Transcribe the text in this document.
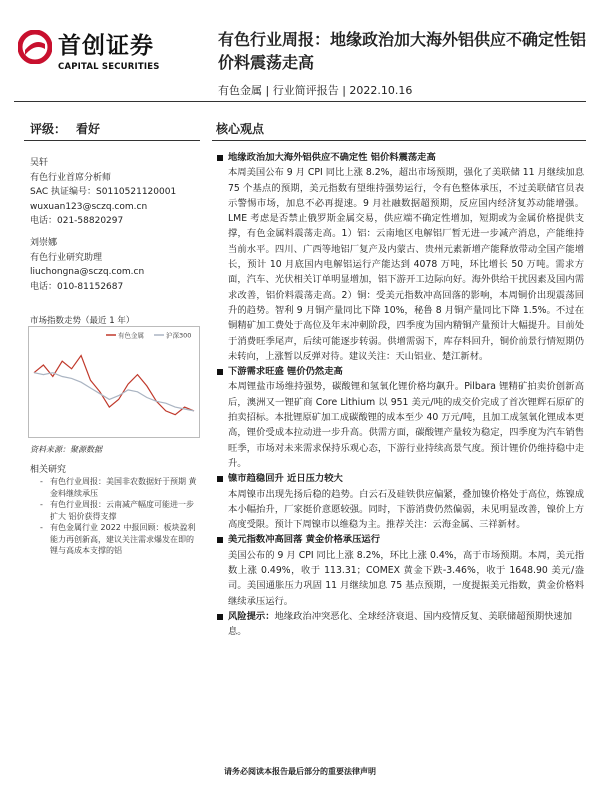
首创证券
CAPITAL SECURITIES
有色行业周报：地缘政治加大海外铝供应不确定性铝价料震荡走高
有色金属 | 行业简评报告 | 2022.10.16
评级： 看好
吴轩
有色行业首席分析师
SAC 执证编号：S0110521120001
wuxuan123@sczq.com.cn
电话：021-58820297
刘崇娜
有色行业研究助理
liuchongna@sczq.com.cn
电话：010-81152687
市场指数走势（最近 1 年）
有色金属	沪深300
资料来源：聚源数据
相关研究
- 有色行业周报：美国非农数据好于预期 黄金料继续承压
- 有色行业周报：云南减产幅度可能进一步扩大 铝价获得支撑
- 有色金属行业 2022 中报回顾：板块盈利能力再创新高，建议关注需求爆发在即的锂与高成本支撑的铝
核心观点
地缘政治加大海外铝供应不确定性 铝价料震荡走高
本周美国公布 9 月 CPI 同比上涨 8.2%，超出市场预期，强化了美联储 11 月继续加息 75 个基点的预期，美元指数有望维持强势运行，令有色整体承压，不过美联储官员表示警惕市场，加息不必再提速。9 月社融数据超预期，反应国内经济复苏动能增强。LME 考虑是否禁止俄罗斯金属交易，供应端不确定性增加，短期或为金属价格提供支撑，有色金属料震荡走高。1）铝：云南地区电解铝厂暂无进一步减产消息，产能维持当前水平。四川、广西等地铝厂复产及内蒙古、贵州元素新增产能释放带动全国产能增长，预计 10 月底国内电解铝运行产能达到 4078 万吨，环比增长 50 万吨。需求方面，汽车、光伏相关订单明显增加，铝下游开工边际向好。海外供给干扰因素及国内需求改善，铝价料震荡走高。2）铜：受美元指数冲高回落的影响，本周铜价出现震荡回升的趋势。智利 9 月铜产量同比下降 10%，秘鲁 8 月铜产量同比下降 1.5%。不过在铜精矿加工费处于高位及年末冲刺阶段，四季度为国内精铜产量预计大幅提升。目前处于消费旺季尾声，后续可能逐步转弱。供增需弱下，库存料回升，铜价前景行情短期仍未转向，上涨暂以反弹对待。建议关注：天山铝业、楚江新材。
下游需求旺盛 锂价仍然走高
本周锂盐市场维持强势，碳酸锂和氢氧化锂价格均飙升。Pilbara 锂精矿拍卖价创新高后，澳洲又一锂矿商 Core Lithium 以 951 美元/吨的成交价完成了首次锂辉石原矿的拍卖招标。本批锂原矿加工成碳酸锂的成本至少 40 万元/吨，且加工成氢氧化锂成本更高，锂价受成本拉动进一步升高。供需方面，碳酸锂产量较为稳定，四季度为汽车销售旺季，市场对未来需求保持乐观心态，下游行业持续高景气度。预计锂价仍维持稳中走升。
镍市趋稳回升 近日压力较大
本周镍市出现先扬后稳的趋势。白云石及硅铁供应偏紧，叠加镍价格处于高位，炼镍成本小幅抬升，厂家挺价意愿较强。同时，下游消费仍然偏弱，未见明显改善，镍价上方高度受限。预计下周镍市以维稳为主。推荐关注：云海金属、三祥新材。
美元指数冲高回落 黄金价格承压运行
美国公布的 9 月 CPI 同比上涨 8.2%，环比上涨 0.4%，高于市场预期。本周，美元指数上涨 0.49%，收于 113.31；COMEX 黄金下跌-3.46%，收于 1648.90 美元/盎司。美国通胀压力巩固 11 月继续加息 75 基点预期，一度提振美元指数，黄金价格料继续承压运行。
风险提示：地缘政治冲突恶化、全球经济衰退、国内疫情反复、美联储超预期快速加息。
请务必阅读本报告最后部分的重要法律声明
